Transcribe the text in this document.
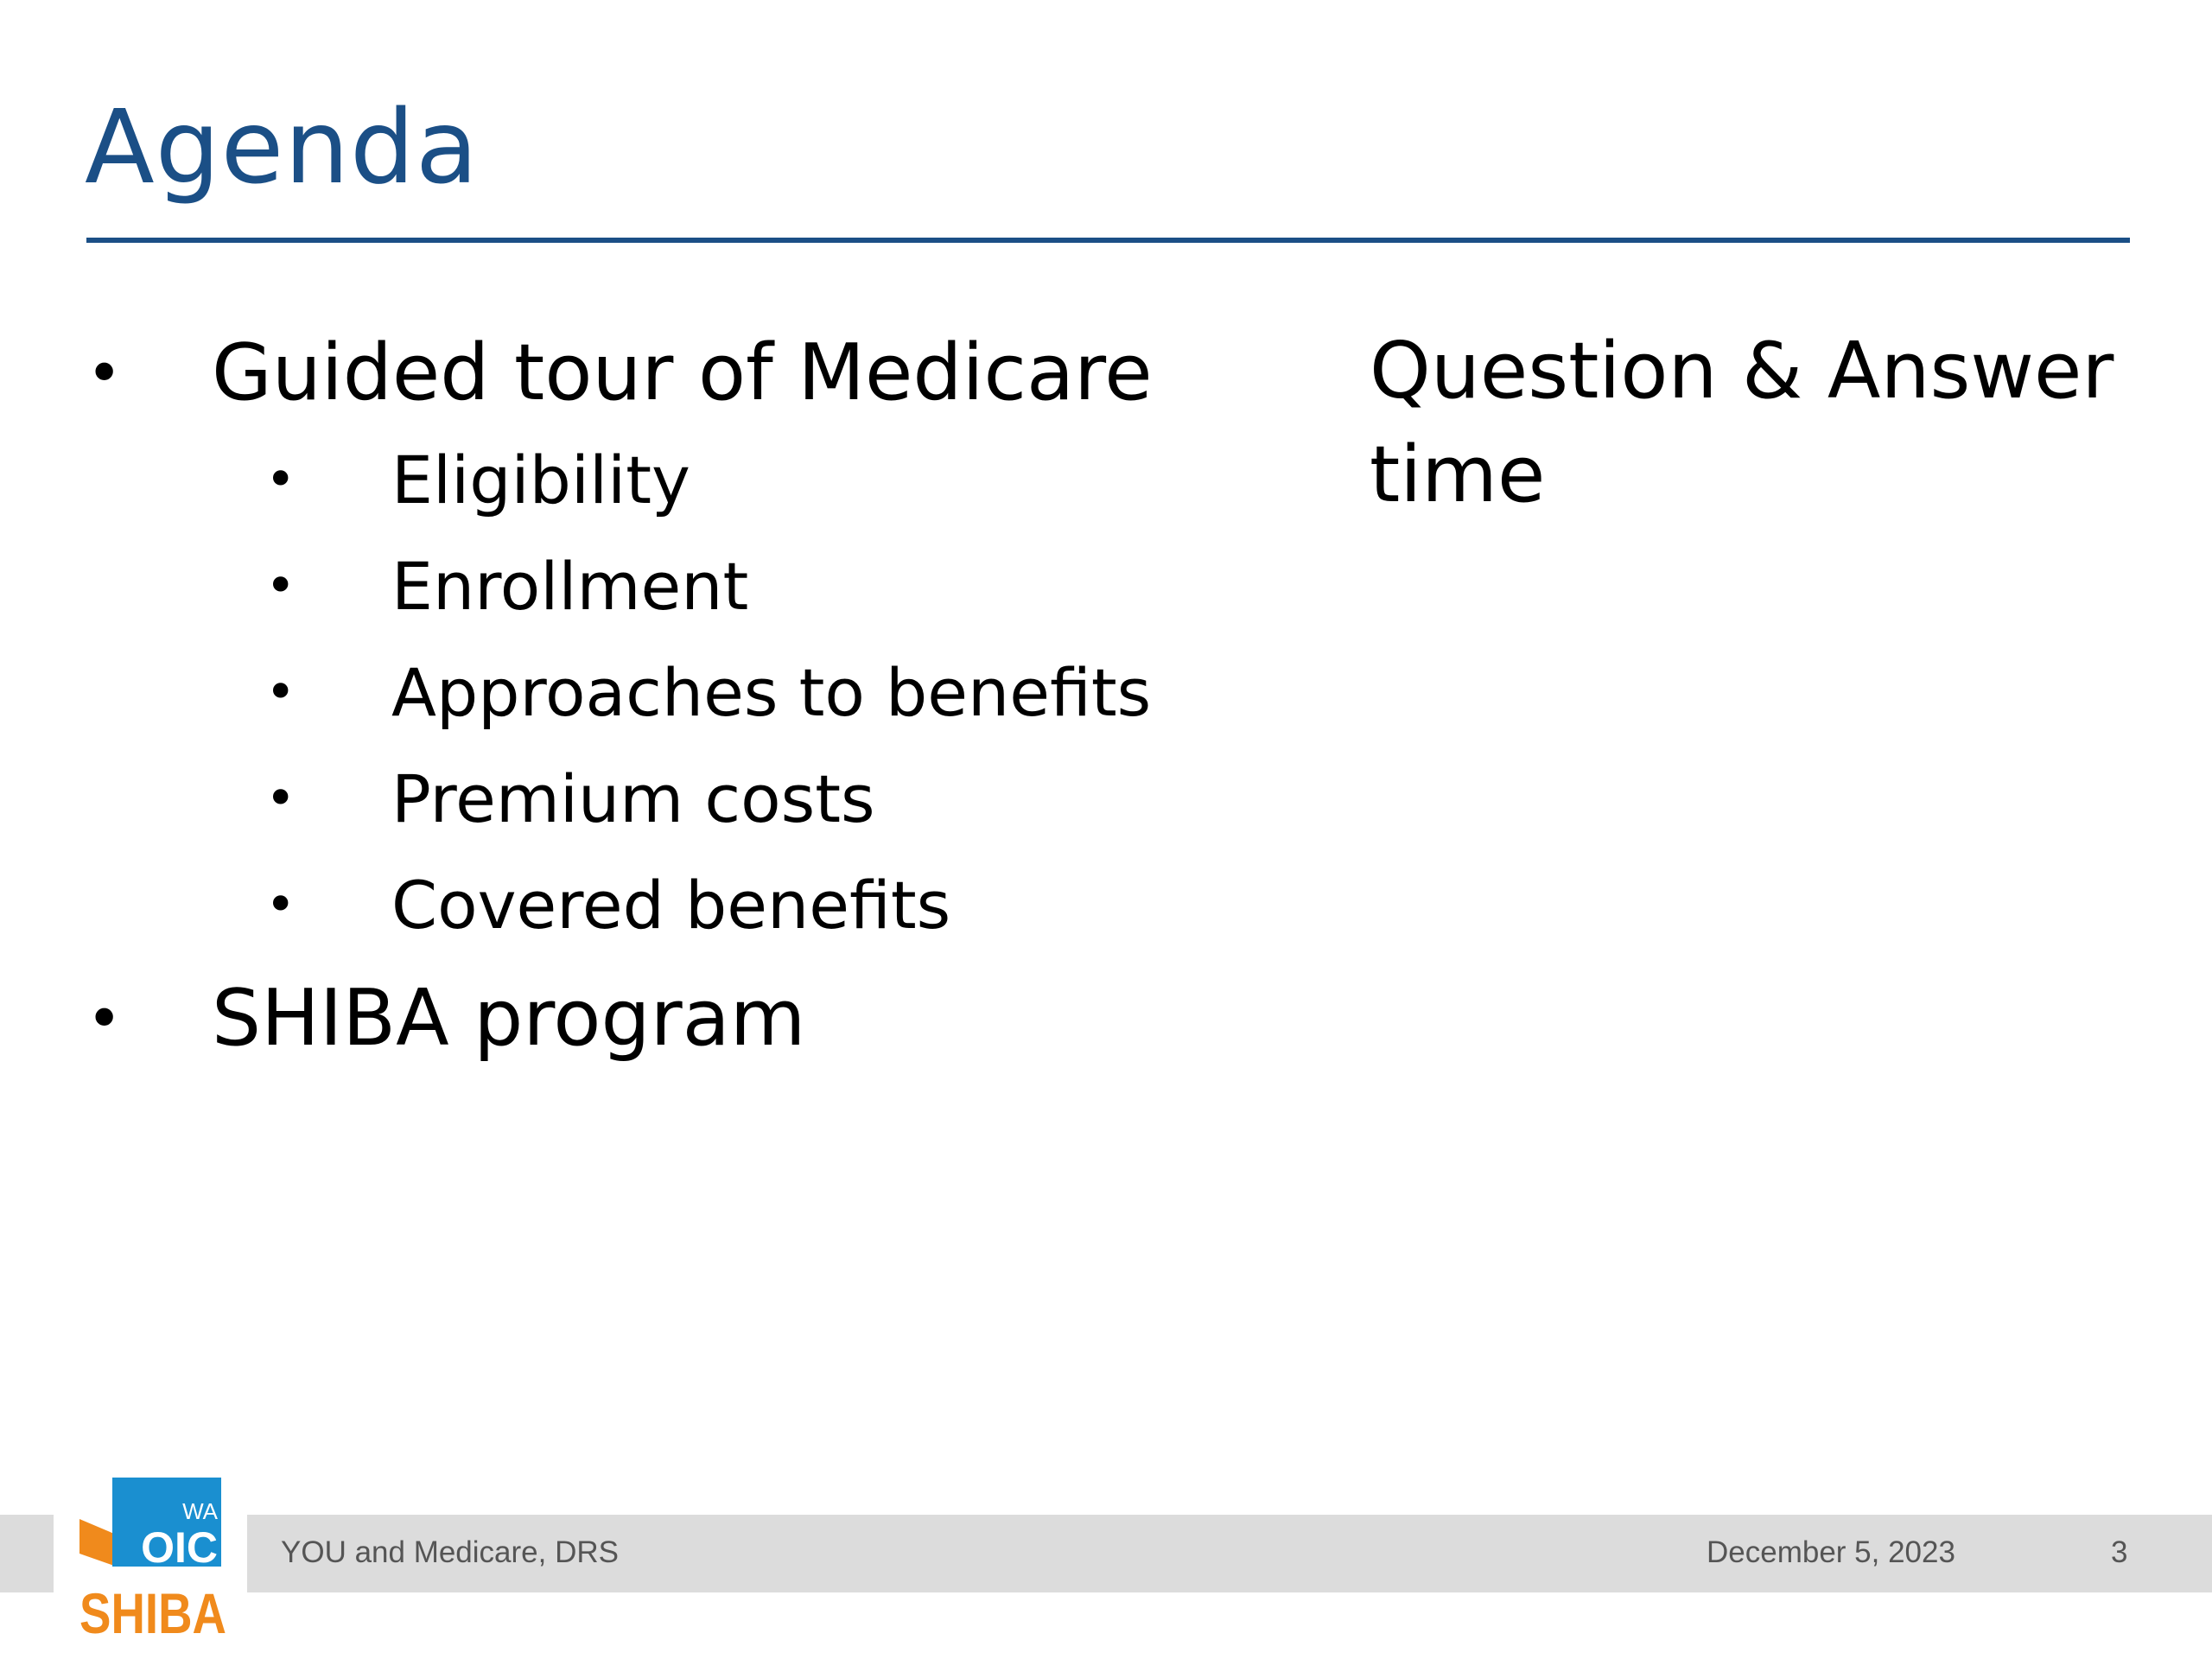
Agenda
• Guided tour of Medicare
• Eligibility
• Enrollment
• Approaches to benefits
• Premium costs
• Covered benefits
• SHIBA program
Question & Answer time
WA
OIC
SHIBA
YOU and Medicare, DRS	December 5, 2023	3
